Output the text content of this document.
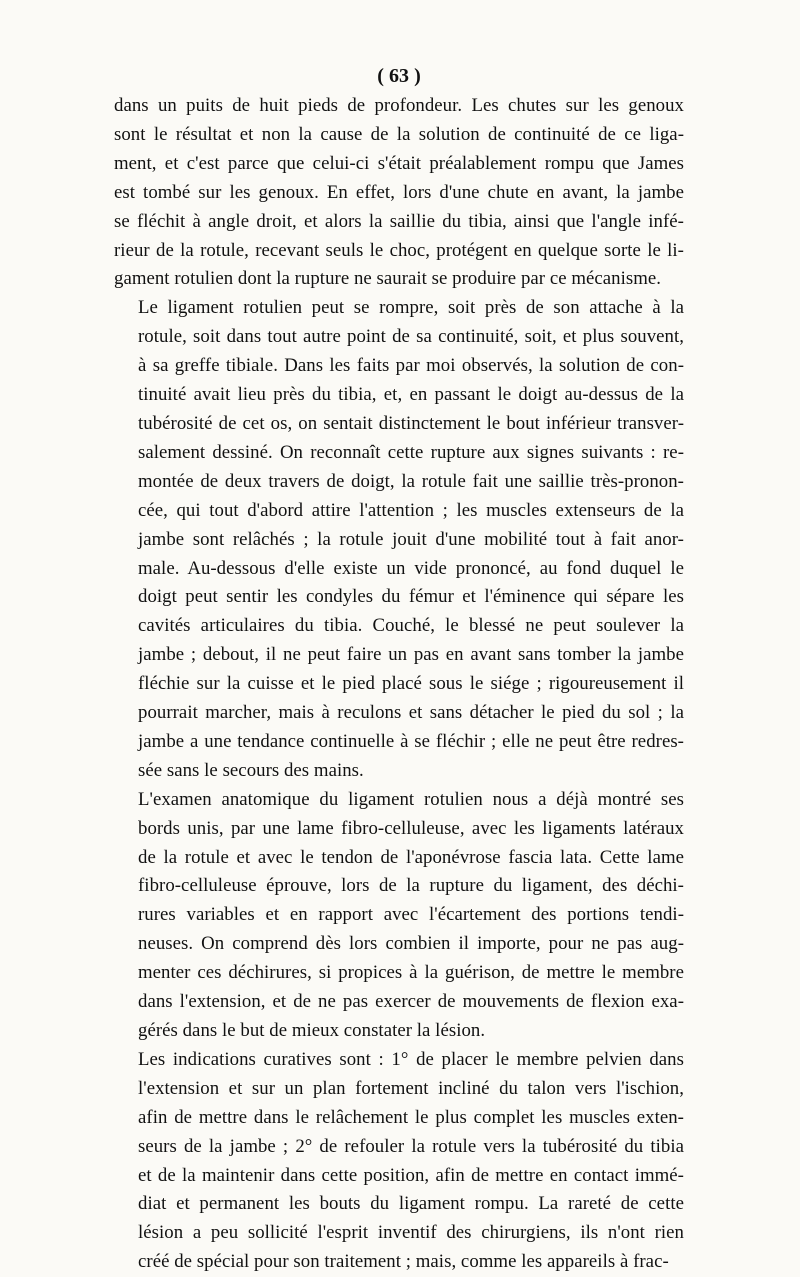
( 63 )
dans un puits de huit pieds de profondeur. Les chutes sur les genoux
sont le résultat et non la cause de la solution de continuité de ce liga-
ment, et c'est parce que celui-ci s'était préalablement rompu que James
est tombé sur les genoux. En effet, lors d'une chute en avant, la jambe
se fléchit à angle droit, et alors la saillie du tibia, ainsi que l'angle infé-
rieur de la rotule, recevant seuls le choc, protégent en quelque sorte le li-
gament rotulien dont la rupture ne saurait se produire par ce mécanisme.
Le ligament rotulien peut se rompre, soit près de son attache à la
rotule, soit dans tout autre point de sa continuité, soit, et plus souvent,
à sa greffe tibiale. Dans les faits par moi observés, la solution de con-
tinuité avait lieu près du tibia, et, en passant le doigt au-dessus de la
tubérosité de cet os, on sentait distinctement le bout inférieur transver-
salement dessiné. On reconnaît cette rupture aux signes suivants : re-
montée de deux travers de doigt, la rotule fait une saillie très-pronon-
cée, qui tout d'abord attire l'attention ; les muscles extenseurs de la
jambe sont relâchés ; la rotule jouit d'une mobilité tout à fait anor-
male. Au-dessous d'elle existe un vide prononcé, au fond duquel le
doigt peut sentir les condyles du fémur et l'éminence qui sépare les
cavités articulaires du tibia. Couché, le blessé ne peut soulever la
jambe ; debout, il ne peut faire un pas en avant sans tomber la jambe
fléchie sur la cuisse et le pied placé sous le siége ; rigoureusement il
pourrait marcher, mais à reculons et sans détacher le pied du sol ; la
jambe a une tendance continuelle à se fléchir ; elle ne peut être redres-
sée sans le secours des mains.
L'examen anatomique du ligament rotulien nous a déjà montré ses
bords unis, par une lame fibro-celluleuse, avec les ligaments latéraux
de la rotule et avec le tendon de l'aponévrose fascia lata. Cette lame
fibro-celluleuse éprouve, lors de la rupture du ligament, des déchi-
rures variables et en rapport avec l'écartement des portions tendi-
neuses. On comprend dès lors combien il importe, pour ne pas aug-
menter ces déchirures, si propices à la guérison, de mettre le membre
dans l'extension, et de ne pas exercer de mouvements de flexion exa-
gérés dans le but de mieux constater la lésion.
Les indications curatives sont : 1° de placer le membre pelvien dans
l'extension et sur un plan fortement incliné du talon vers l'ischion,
afin de mettre dans le relâchement le plus complet les muscles exten-
seurs de la jambe ; 2° de refouler la rotule vers la tubérosité du tibia
et de la maintenir dans cette position, afin de mettre en contact immé-
diat et permanent les bouts du ligament rompu. La rareté de cette
lésion a peu sollicité l'esprit inventif des chirurgiens, ils n'ont rien
créé de spécial pour son traitement ; mais, comme les appareils à frac-
